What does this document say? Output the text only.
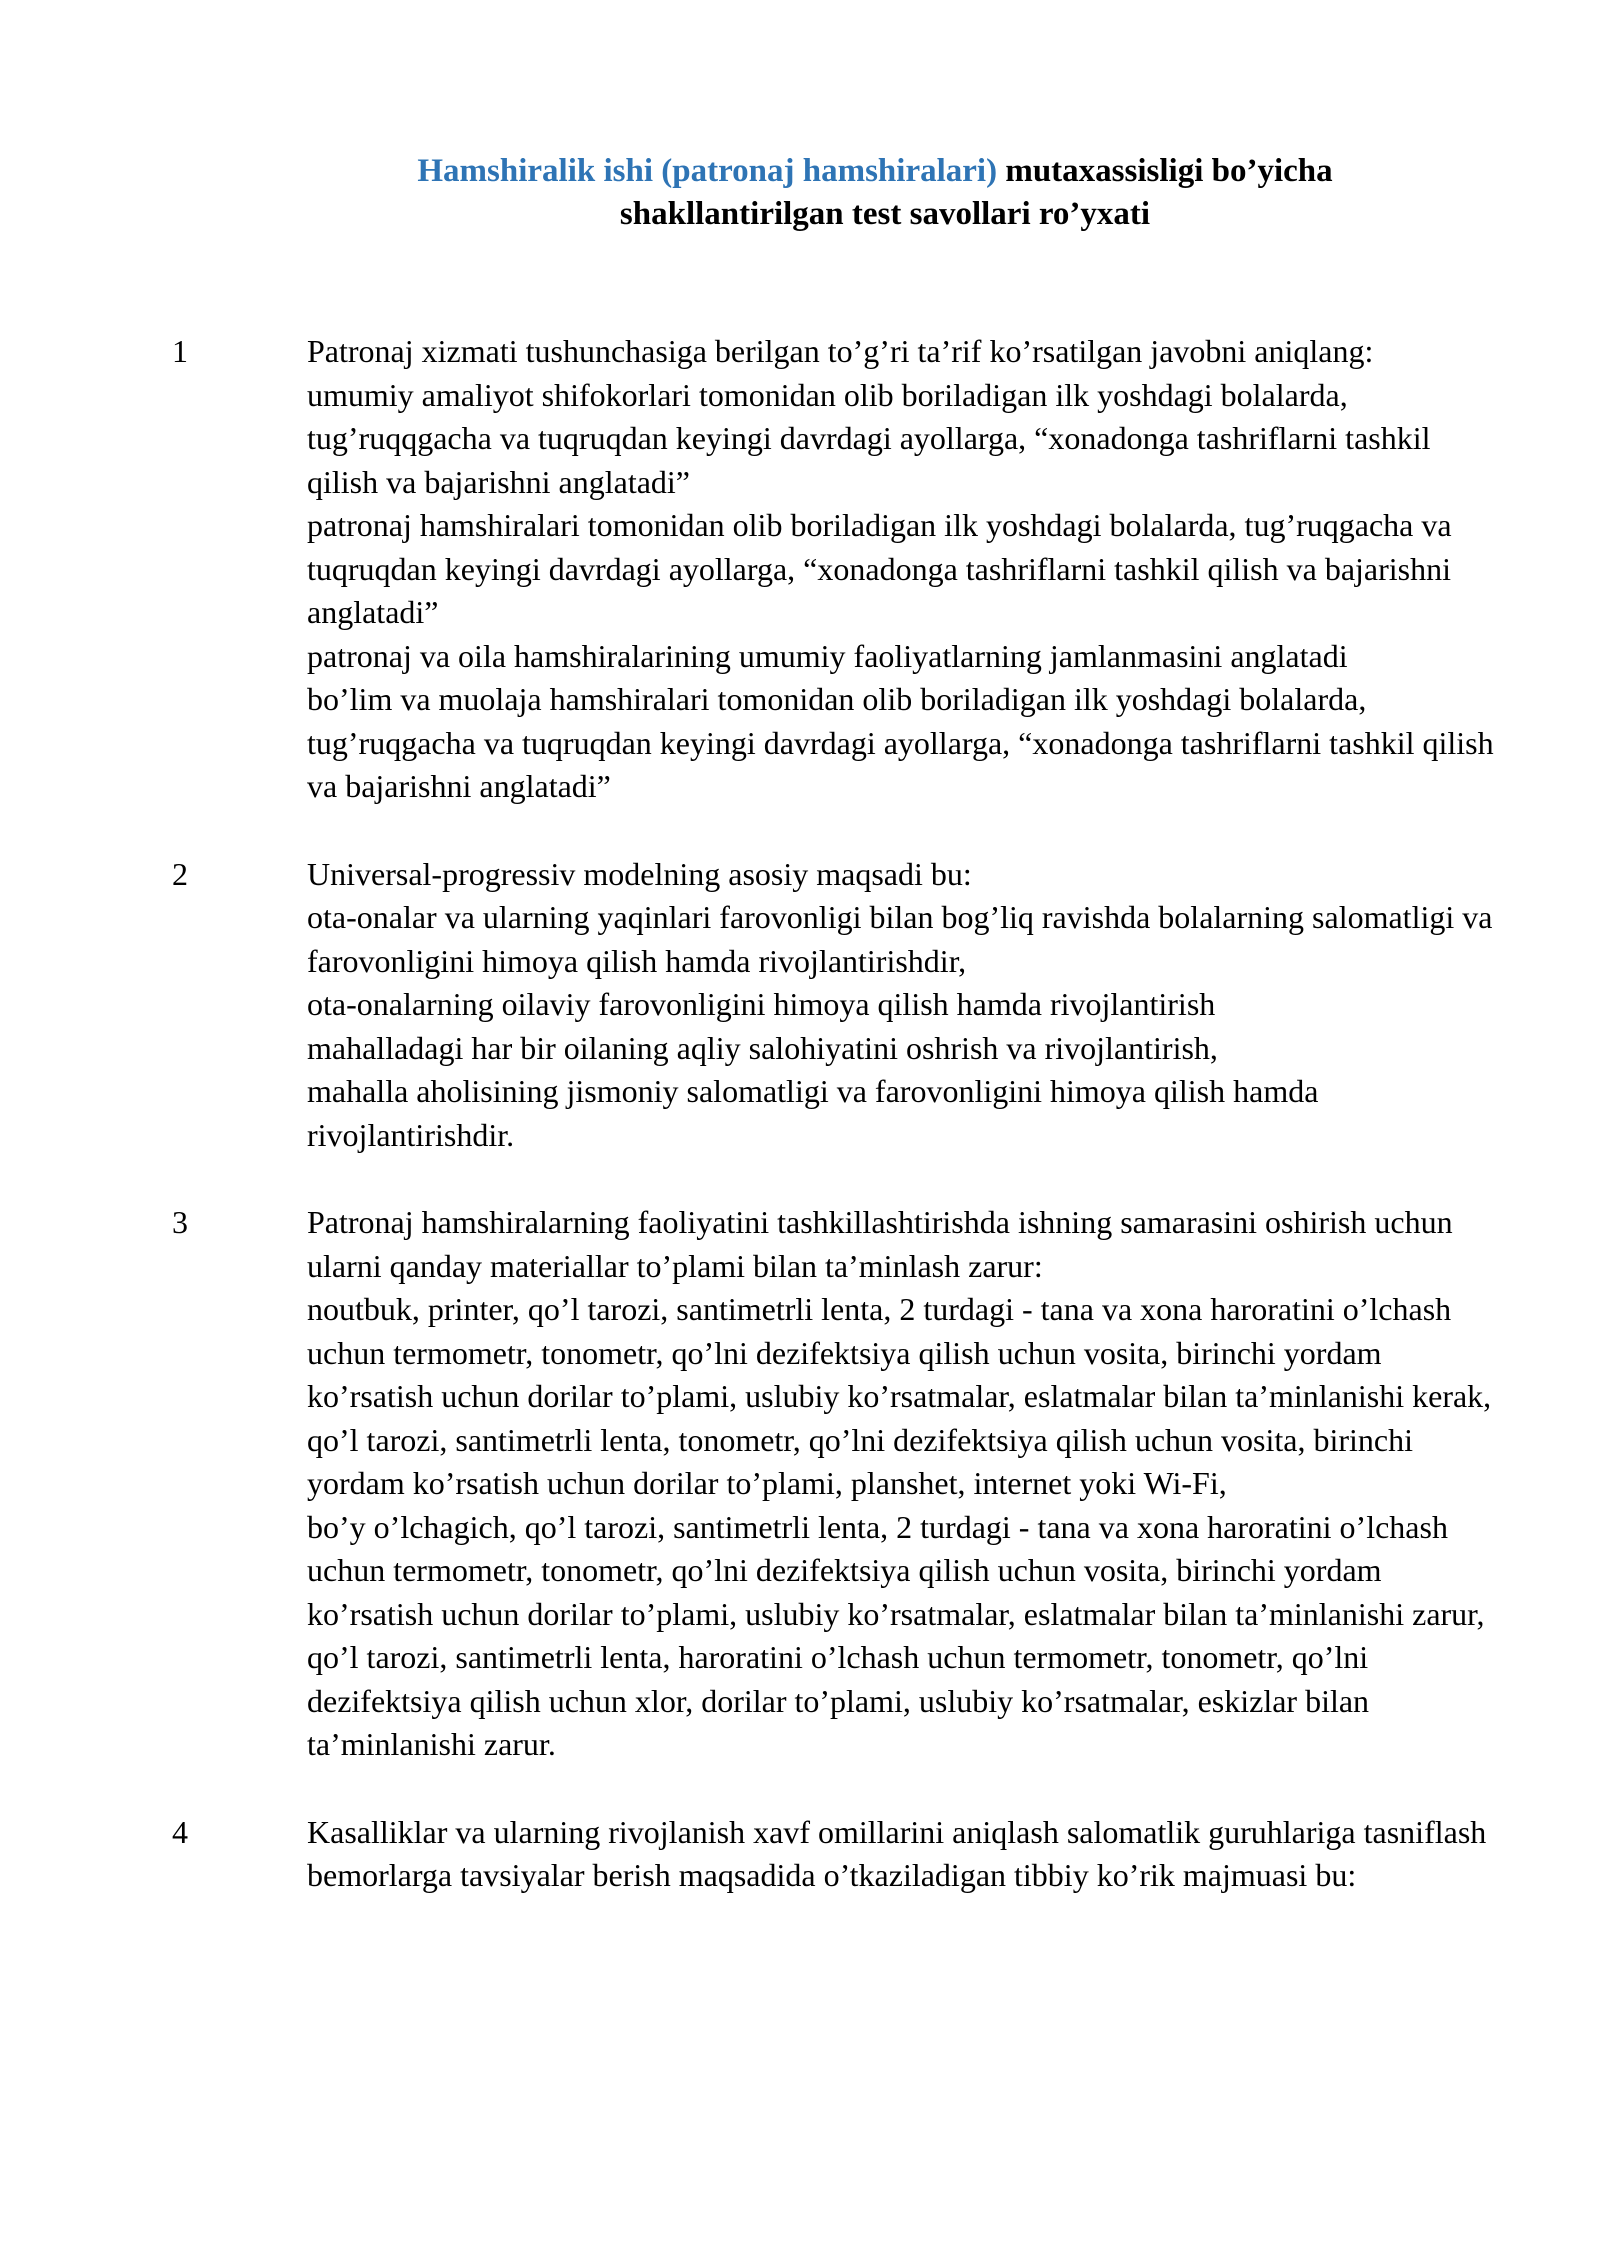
Hamshiralik ishi (patronaj hamshiralari) mutaxassisligi bo’yicha
shakllantirilgan test savollari ro’yxati
1	Patronaj xizmati tushunchasiga berilgan to’g’ri ta’rif ko’rsatilgan javobni aniqlang:
umumiy amaliyot shifokorlari tomonidan olib boriladigan ilk yoshdagi bolalarda, tug’ruqqgacha va tuqruqdan keyingi davrdagi ayollarga, “xonadonga tashriflarni tashkil qilish va bajarishni anglatadi”
patronaj hamshiralari tomonidan olib boriladigan ilk yoshdagi bolalarda, tug’ruqgacha va tuqruqdan keyingi davrdagi ayollarga, “xonadonga tashriflarni tashkil qilish va bajarishni anglatadi”
patronaj va oila hamshiralarining umumiy faoliyatlarning jamlanmasini anglatadi
bo’lim va muolaja hamshiralari tomonidan olib boriladigan ilk yoshdagi bolalarda, tug’ruqgacha va tuqruqdan keyingi davrdagi ayollarga, “xonadonga tashriflarni tashkil qilish va bajarishni anglatadi”
2	Universal-progressiv modelning asosiy maqsadi bu:
ota-onalar va ularning yaqinlari farovonligi bilan bog’liq ravishda bolalarning salomatligi va farovonligini himoya qilish hamda rivojlantirishdir,
ota-onalarning oilaviy farovonligini himoya qilish hamda rivojlantirish
mahalladagi har bir oilaning aqliy salohiyatini oshrish va rivojlantirish,
mahalla aholisining jismoniy salomatligi va farovonligini himoya qilish hamda rivojlantirishdir.
3	Patronaj hamshiralarning faoliyatini tashkillashtirishda ishning samarasini oshirish uchun ularni qanday materiallar to’plami bilan ta’minlash zarur:
noutbuk, printer, qo’l tarozi, santimetrli lenta, 2 turdagi - tana va xona haroratini o’lchash uchun termometr, tonometr, qo’lni dezifektsiya qilish uchun vosita, birinchi yordam ko’rsatish uchun dorilar to’plami, uslubiy ko’rsatmalar, eslatmalar bilan ta’minlanishi kerak,
qo’l tarozi, santimetrli lenta, tonometr, qo’lni dezifektsiya qilish uchun vosita, birinchi yordam ko’rsatish uchun dorilar to’plami, planshet, internet yoki Wi-Fi,
bo’y o’lchagich, qo’l tarozi, santimetrli lenta, 2 turdagi - tana va xona haroratini o’lchash uchun termometr, tonometr, qo’lni dezifektsiya qilish uchun vosita, birinchi yordam ko’rsatish uchun dorilar to’plami, uslubiy ko’rsatmalar, eslatmalar bilan ta’minlanishi zarur,
qo’l tarozi, santimetrli lenta, haroratini o’lchash uchun termometr, tonometr, qo’lni dezifektsiya qilish uchun xlor, dorilar to’plami, uslubiy ko’rsatmalar, eskizlar bilan ta’minlanishi zarur.
4	Kasalliklar va ularning rivojlanish xavf omillarini aniqlash salomatlik guruhlariga tasniflash bemorlarga tavsiyalar berish maqsadida o’tkaziladigan tibbiy ko’rik majmuasi bu:
